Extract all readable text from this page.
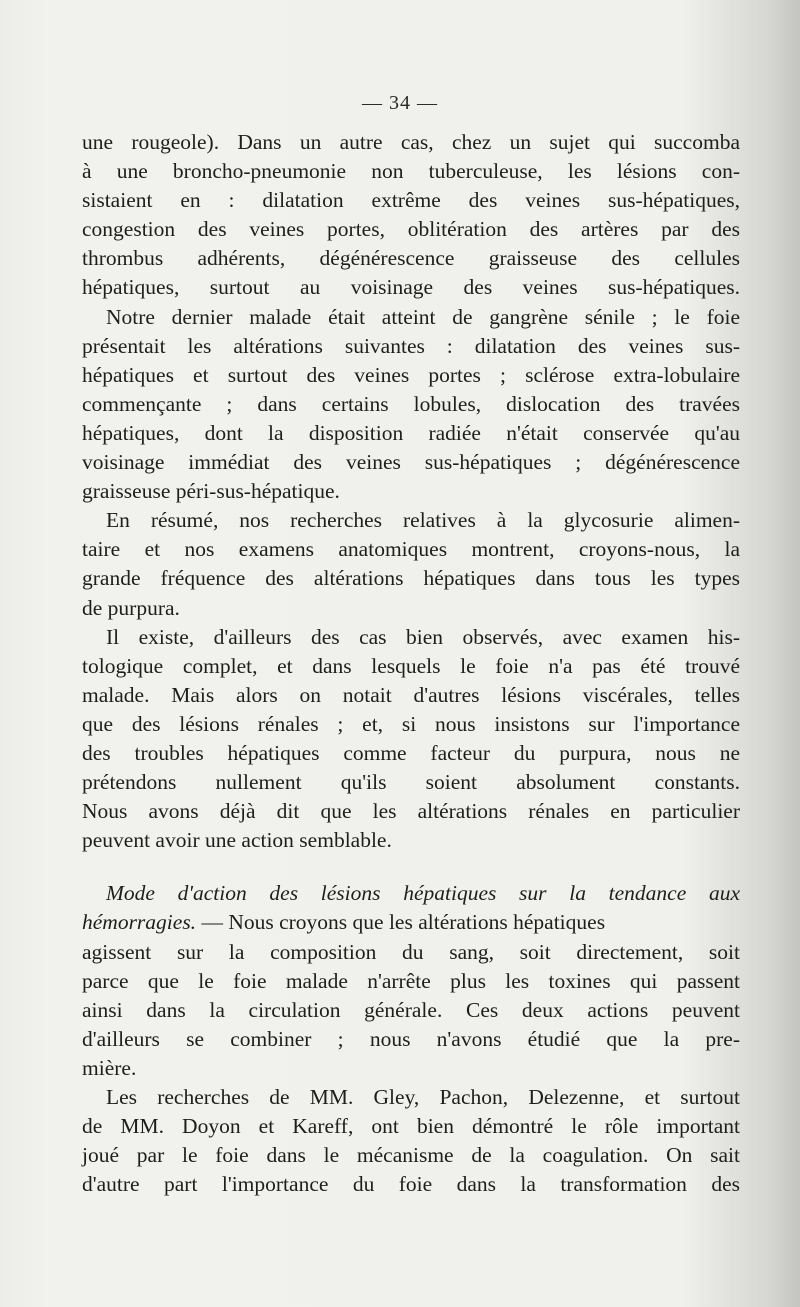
— 34 —
une rougeole). Dans un autre cas, chez un sujet qui succomba
à une broncho-pneumonie non tuberculeuse, les lésions con-
sistaient en : dilatation extrême des veines sus-hépatiques,
congestion des veines portes, oblitération des artères par des
thrombus adhérents, dégénérescence graisseuse des cellules
hépatiques, surtout au voisinage des veines sus-hépatiques.
Notre dernier malade était atteint de gangrène sénile ; le foie
présentait les altérations suivantes : dilatation des veines sus-
hépatiques et surtout des veines portes ; sclérose extra-lobulaire
commençante ; dans certains lobules, dislocation des travées
hépatiques, dont la disposition radiée n'était conservée qu'au
voisinage immédiat des veines sus-hépatiques ; dégénérescence
graisseuse péri-sus-hépatique.
En résumé, nos recherches relatives à la glycosurie alimen-
taire et nos examens anatomiques montrent, croyons-nous, la
grande fréquence des altérations hépatiques dans tous les types
de purpura.
Il existe, d'ailleurs des cas bien observés, avec examen his-
tologique complet, et dans lesquels le foie n'a pas été trouvé
malade. Mais alors on notait d'autres lésions viscérales, telles
que des lésions rénales ; et, si nous insistons sur l'importance
des troubles hépatiques comme facteur du purpura, nous ne
prétendons nullement qu'ils soient absolument constants.
Nous avons déjà dit que les altérations rénales en particulier
peuvent avoir une action semblable.
Mode d'action des lésions hépatiques sur la tendance aux
hémorragies. — Nous croyons que les altérations hépatiques
agissent sur la composition du sang, soit directement, soit
parce que le foie malade n'arrête plus les toxines qui passent
ainsi dans la circulation générale. Ces deux actions peuvent
d'ailleurs se combiner ; nous n'avons étudié que la pre-
mière.
Les recherches de MM. Gley, Pachon, Delezenne, et surtout
de MM. Doyon et Kareff, ont bien démontré le rôle important
joué par le foie dans le mécanisme de la coagulation. On sait
d'autre part l'importance du foie dans la transformation des
